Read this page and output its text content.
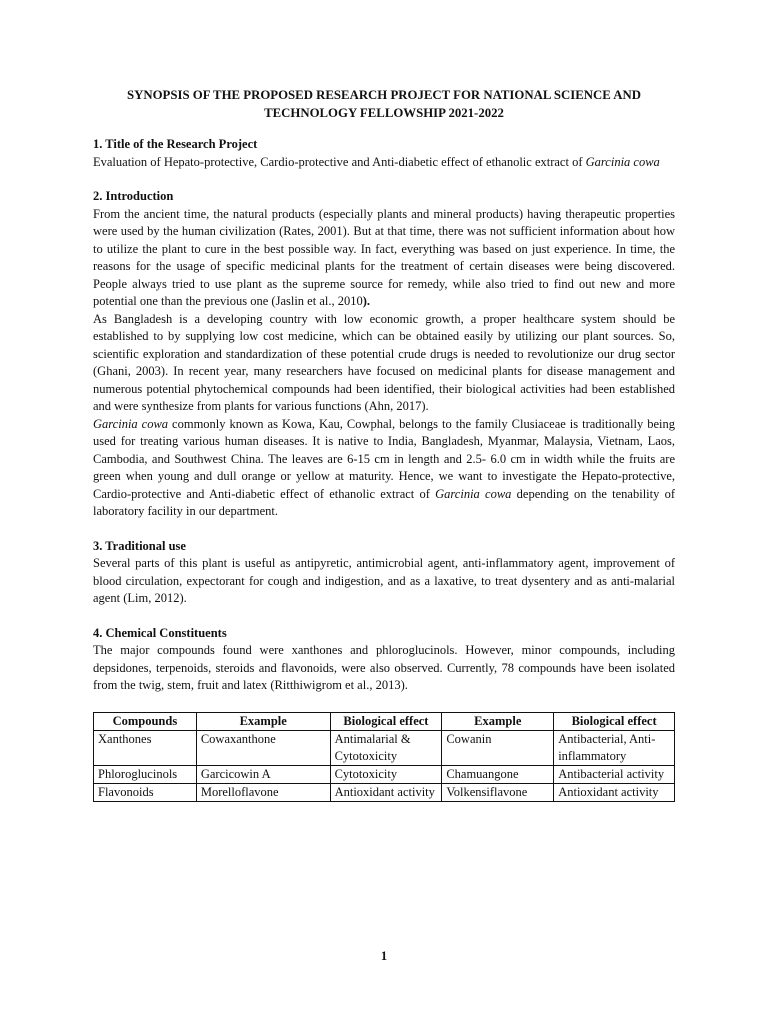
SYNOPSIS OF THE PROPOSED RESEARCH PROJECT FOR NATIONAL SCIENCE AND TECHNOLOGY FELLOWSHIP 2021-2022
1. Title of the Research Project

Evaluation of Hepato-protective, Cardio-protective and Anti-diabetic effect of ethanolic extract of Garcinia cowa

2. Introduction

From the ancient time, the natural products (especially plants and mineral products) having therapeutic properties were used by the human civilization (Rates, 2001). But at that time, there was not sufficient information about how to utilize the plant to cure in the best possible way. In fact, everything was based on just experience. In time, the reasons for the usage of specific medicinal plants for the treatment of certain diseases were being discovered. People always tried to use plant as the supreme source for remedy, while also tried to find out new and more potential one than the previous one (Jaslin et al., 2010).

As Bangladesh is a developing country with low economic growth, a proper healthcare system should be established to by supplying low cost medicine, which can be obtained easily by utilizing our plant sources. So, scientific exploration and standardization of these potential crude drugs is needed to revolutionize our drug sector (Ghani, 2003). In recent year, many researchers have focused on medicinal plants for disease management and numerous potential phytochemical compounds had been identified, their biological activities had been established and were synthesize from plants for various functions (Ahn, 2017).

Garcinia cowa commonly known as Kowa, Kau, Cowphal, belongs to the family Clusiaceae is traditionally being used for treating various human diseases. It is native to India, Bangladesh, Myanmar, Malaysia, Vietnam, Laos, Cambodia, and Southwest China. The leaves are 6-15 cm in length and 2.5- 6.0 cm in width while the fruits are green when young and dull orange or yellow at maturity. Hence, we want to investigate the Hepato-protective, Cardio-protective and Anti-diabetic effect of ethanolic extract of Garcinia cowa depending on the tenability of laboratory facility in our department.

3. Traditional use

Several parts of this plant is useful as antipyretic, antimicrobial agent, anti-inflammatory agent, improvement of blood circulation, expectorant for cough and indigestion, and as a laxative, to treat dysentery and as anti-malarial agent (Lim, 2012).

4. Chemical Constituents

The major compounds found were xanthones and phloroglucinols. However, minor compounds, including depsidones, terpenoids, steroids and flavonoids, were also observed. Currently, 78 compounds have been isolated from the twig, stem, fruit and latex (Ritthiwigrom et al., 2013).

Compounds	Example	Biological effect	Example	Biological effect
Xanthones	Cowaxanthone	Antimalarial & Cytotoxicity	Cowanin	Antibacterial, Anti-inflammatory
Phloroglucinols	Garcicowin A	Cytotoxicity	Chamuangone	Antibacterial activity
Flavonoids	Morelloflavone	Antioxidant activity	Volkensiflavone	Antioxidant activity
1
